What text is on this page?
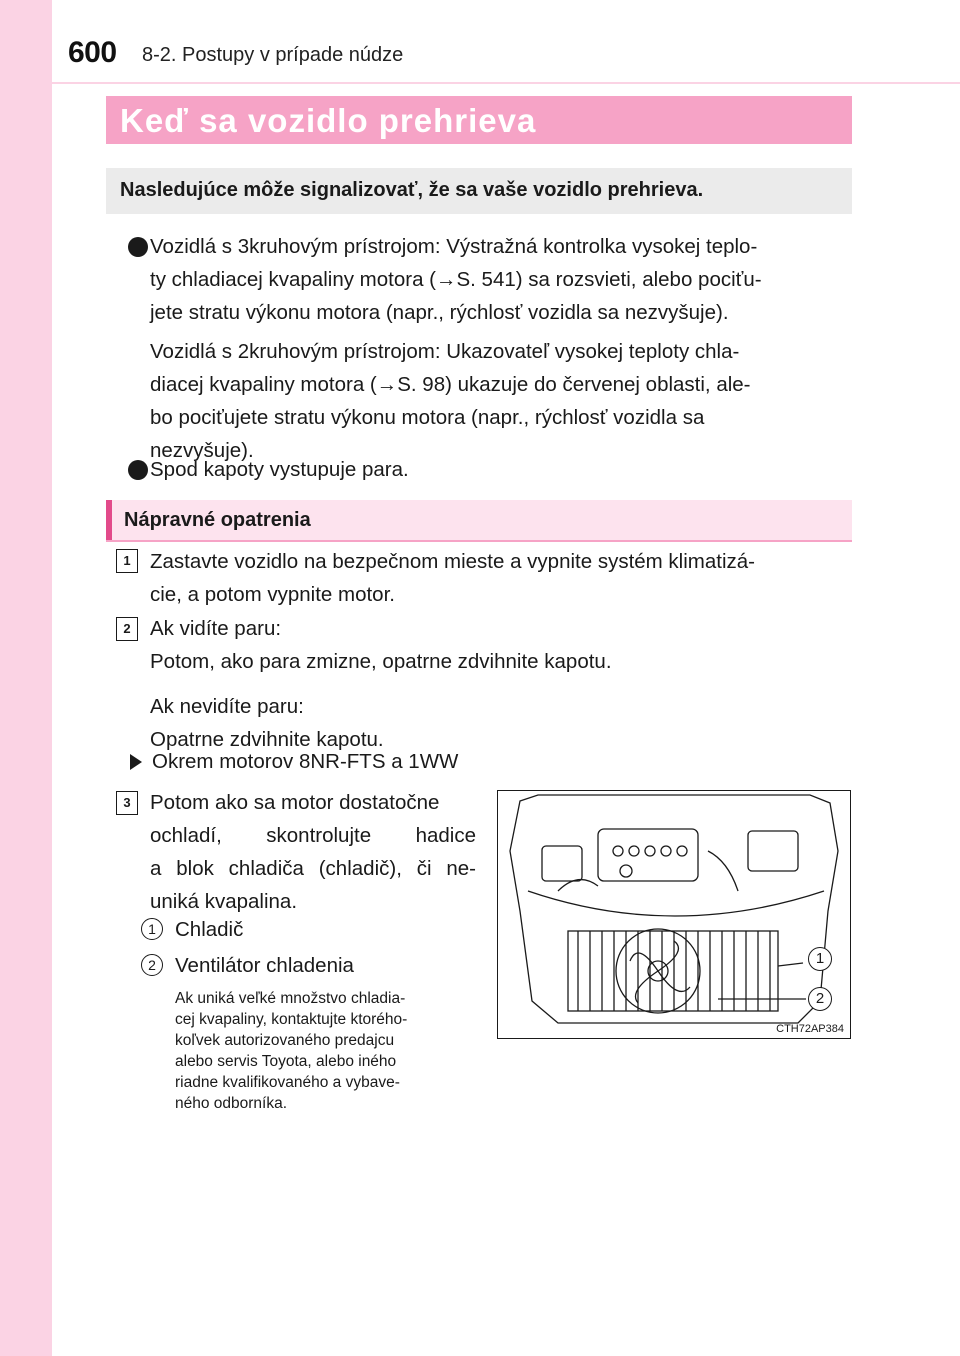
600 8-2. Postupy v prípade núdze
Keď sa vozidlo prehrieva
Nasledujúce môže signalizovať, že sa vaše vozidlo prehrieva.
Vozidlá s 3kruhovým prístrojom: Výstražná kontrolka vysokej teplo-
ty chladiacej kvapaliny motora (→S. 541) sa rozsvieti, alebo pociťu-
jete stratu výkonu motora (napr., rýchlosť vozidla sa nezvyšuje).
Vozidlá s 2kruhovým prístrojom: Ukazovateľ vysokej teploty chla-
diacej kvapaliny motora (→S. 98) ukazuje do červenej oblasti, ale-
bo pociťujete stratu výkonu motora (napr., rýchlosť vozidla sa
nezvyšuje).
Spod kapoty vystupuje para.
Nápravné opatrenia
1 Zastavte vozidlo na bezpečnom mieste a vypnite systém klimatizá-
cie, a potom vypnite motor.
2 Ak vidíte paru:
Potom, ako para zmizne, opatrne zdvihnite kapotu.
Ak nevidíte paru:
Opatrne zdvihnite kapotu.
Okrem motorov 8NR-FTS a 1WW
3 Potom ako sa motor dostatočne
ochladí, skontrolujte hadice
a blok chladiča (chladič), či ne-
uniká kvapalina.
1 Chladič
2 Ventilátor chladenia
Ak uniká veľké množstvo chladia-
cej kvapaliny, kontaktujte ktorého-
koľvek autorizovaného predajcu
alebo servis Toyota, alebo iného
riadne kvalifikovaného a vybave-
ného odborníka.
1
2
CTH72AP384
